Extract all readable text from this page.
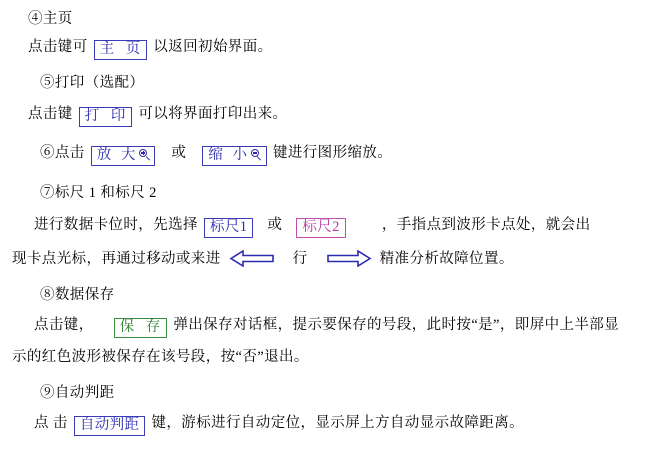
④主页
点击键可 主 页 以返回初始界面。
⑤打印（选配）
点击键 打 印 可以将界面打印出来。
⑥点击 放 大 或 缩 小 键进行图形缩放。
⑦标尺 1 和标尺 2
进行数据卡位时，先选择 标尺1 或 标尺2	，手指点到波形卡点处，就会出
现卡点光标，再通过移动或来进	行	精准分析故障位置。
⑧数据保存
点击键， 保 存 弹出保存对话框，提示要保存的号段，此时按“是”，即屏中上半部显
示的红色波形被保存在该号段，按“否”退出。
⑨自动判距
点 击 自动判距 键，游标进行自动定位，显示屏上方自动显示故障距离。
